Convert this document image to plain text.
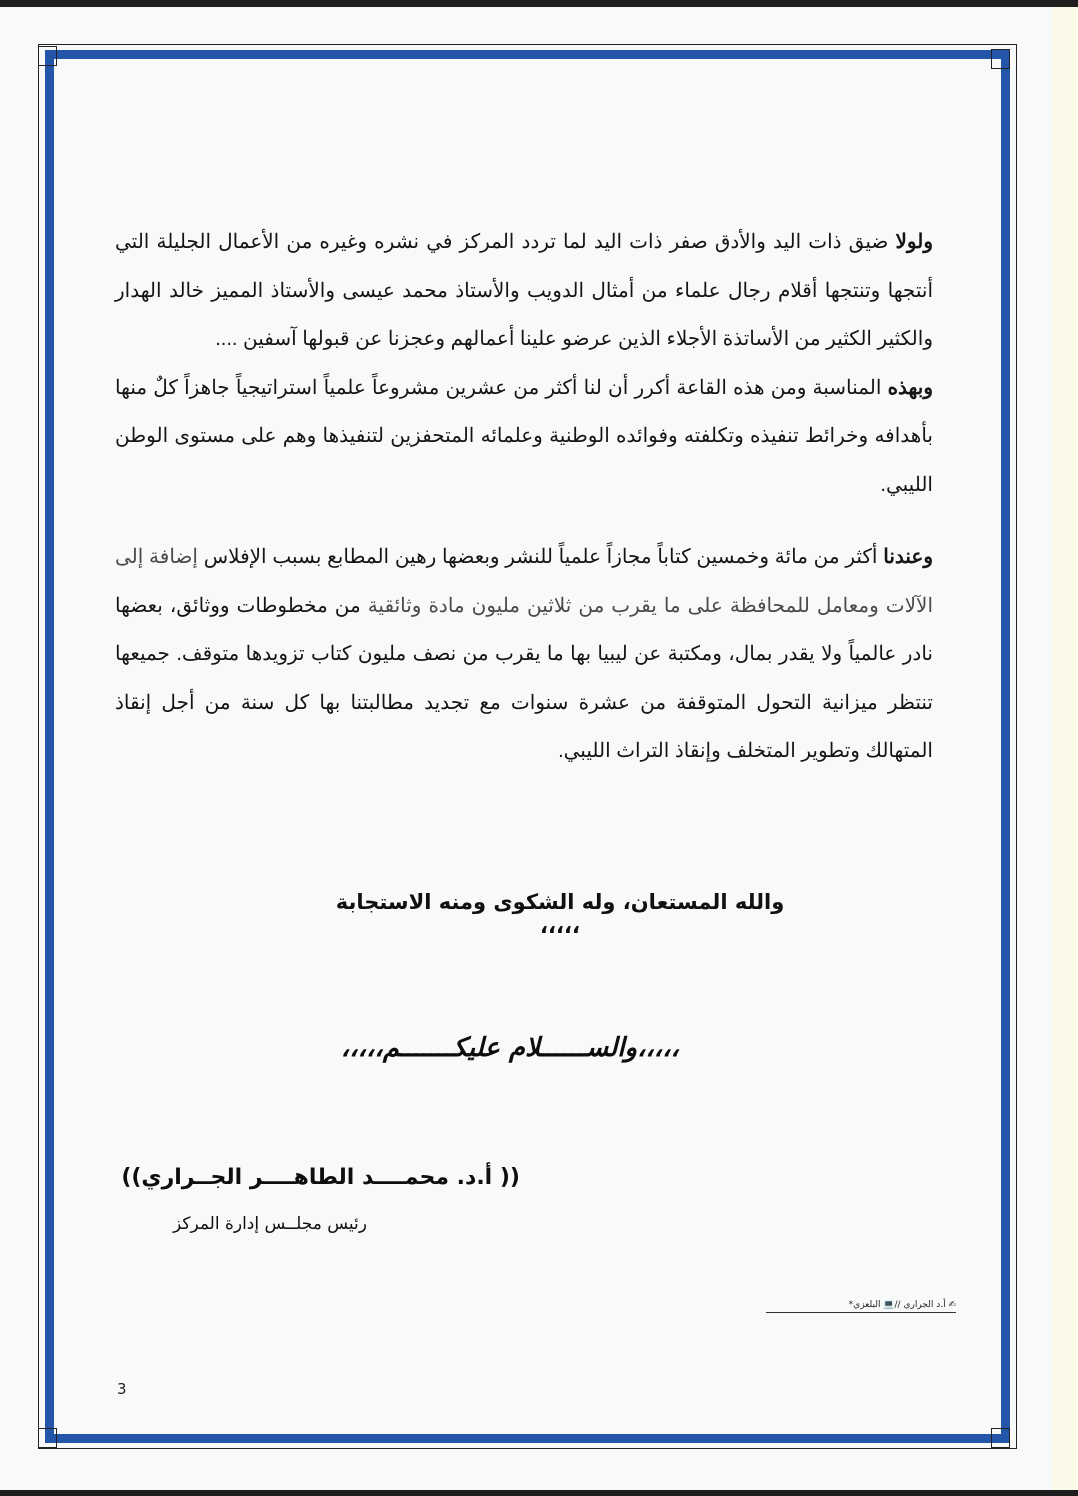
ولولا ضيق ذات اليد والأدق صفر ذات اليد لما تردد المركز في نشره وغيره من الأعمال الجليلة التي أنتجها وتنتجها أقلام رجال علماء من أمثال الدويب والأستاذ محمد عيسى والأستاذ المميز خالد الهدار والكثير الكثير من الأساتذة الأجلاء الذين عرضو علينا أعمالهم وعجزنا عن قبولها آسفين ....

وبهذه المناسبة ومن هذه القاعة أكرر أن لنا أكثر من عشرين مشروعاً علمياً استراتيجياً جاهزاً كلٌ منها بأهدافه وخرائط تنفيذه وتكلفته وفوائده الوطنية وعلمائه المتحفزين لتنفيذها وهم على مستوى الوطن الليبي.

وعندنا أكثر من مائة وخمسين كتاباً مجازاً علمياً للنشر وبعضها رهين المطابع بسبب الإفلاس إضافة إلى الآلات ومعامل للمحافظة على ما يقرب من ثلاثين مليون مادة وثائقية من مخطوطات ووثائق، بعضها نادر عالمياً ولا يقدر بمال، ومكتبة عن ليبيا بها ما يقرب من نصف مليون كتاب تزويدها متوقف. جميعها تنتظر ميزانية التحول المتوقفة من عشرة سنوات مع تجديد مطالبتنا بها كل سنة من أجل إنقاذ المتهالك وتطوير المتخلف وإنقاذ التراث الليبي.

والله المستعان، وله الشكوى ومنه الاستجابة ،،،،،
،،،،،والســــــلام عليكـــــــم،،،،،
(( أ.د. محمــــد الطاهــــر الجــراري))
رئيس مجلــس إدارة المركز
✍ أ.د الجراري //💻 البلعزي*
3
